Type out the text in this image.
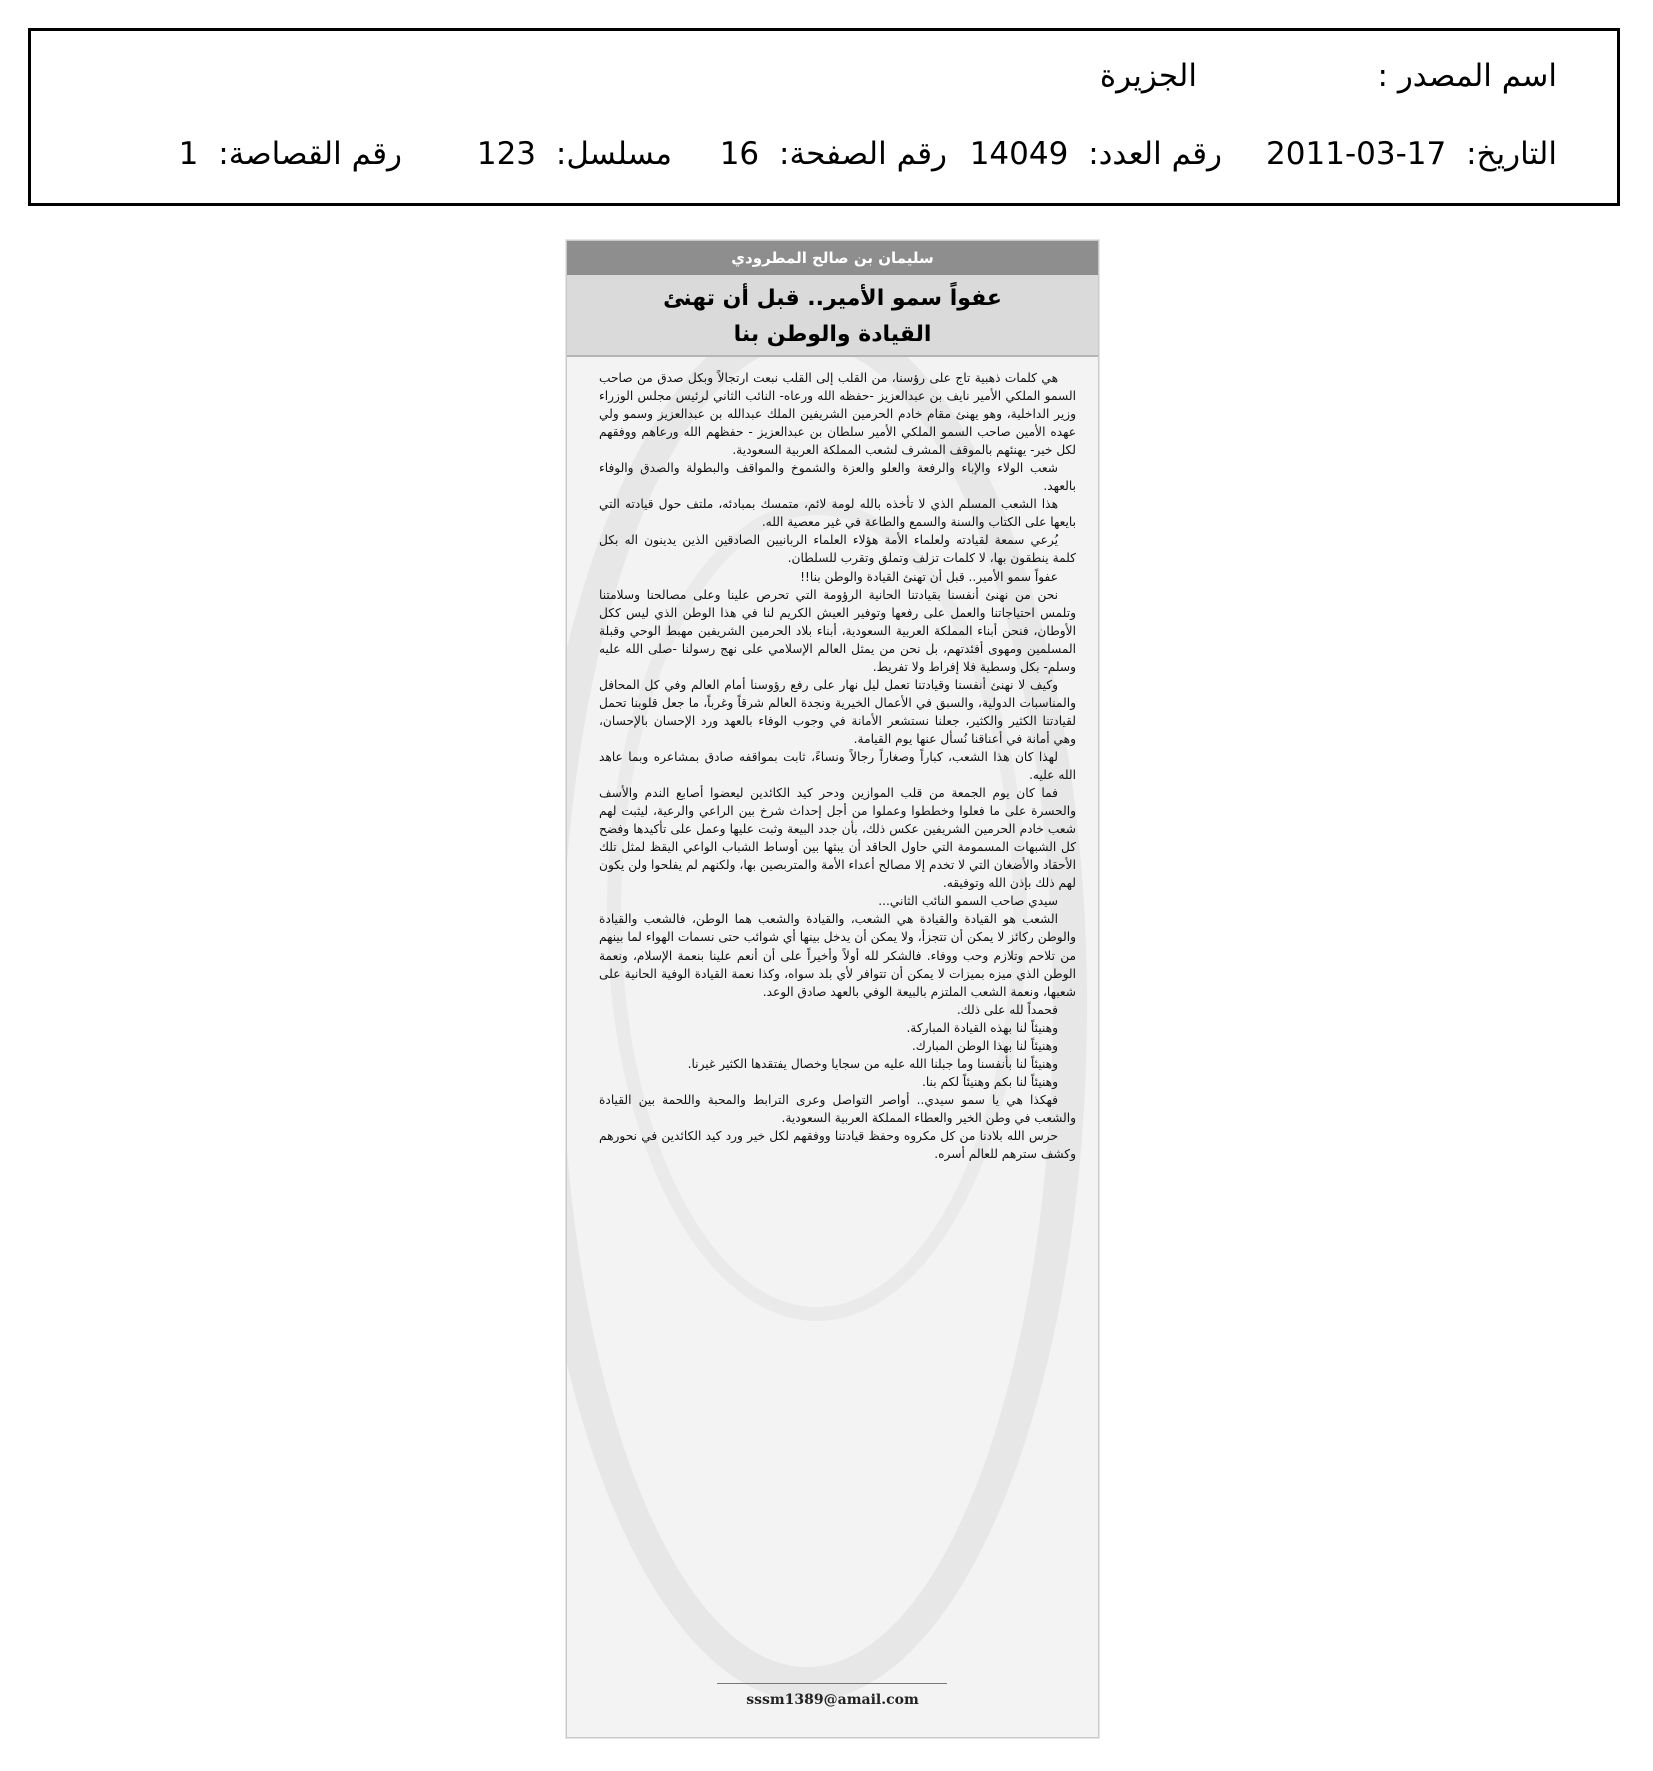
اسم المصدر :
الجزيرة
التاريخ: 2011-03-17
رقم العدد: 14049
رقم الصفحة: 16
مسلسل: 123
رقم القصاصة: 1
سليمان بن صالح المطرودي
عفواً سمو الأمير.. قبل أن تهنئ
القيادة والوطن بنا

هي كلمات ذهبية تاج على رؤسنا، من القلب إلى القلب نبعت ارتجالاً وبكل صدق من صاحب السمو الملكي الأمير نايف بن عبدالعزيز -حفظه الله ورعاه- النائب الثاني لرئيس مجلس الوزراء وزير الداخلية، وهو يهنئ مقام خادم الحرمين الشريفين الملك عبدالله بن عبدالعزيز وسمو ولي عهده الأمين صاحب السمو الملكي الأمير سلطان بن عبدالعزيز - حفظهم الله ورعاهم ووفقهم لكل خير- يهنئهم بالموقف المشرف لشعب المملكة العربية السعودية.

شعب الولاء والإباء والرفعة والعلو والعزة والشموخ والمواقف والبطولة والصدق والوفاء بالعهد.

هذا الشعب المسلم الذي لا تأخذه بالله لومة لائم، متمسك بمبادئه، ملتف حول قيادته التي بايعها على الكتاب والسنة والسمع والطاعة في غير معصية الله.

يُرعي سمعة لقيادته ولعلماء الأمة هؤلاء العلماء الربانيين الصادقين الذين يدينون اله بكل كلمة ينطقون بها، لا كلمات تزلف وتملق وتقرب للسلطان.

عفواً سمو الأمير.. قبل أن تهنئ القيادة والوطن بنا!!

نحن من نهنئ أنفسنا بقيادتنا الحانية الرؤومة التي تحرص علينا وعلى مصالحنا وسلامتنا وتلمس احتياجاتنا والعمل على رفعها وتوفير العيش الكريم لنا في هذا الوطن الذي ليس ككل الأوطان، فنحن أبناء المملكة العربية السعودية، أبناء بلاد الحرمين الشريفين مهبط الوحي وقبلة المسلمين ومهوى أفئدتهم، بل نحن من يمثل العالم الإسلامي على نهج رسولنا -صلى الله عليه وسلم- بكل وسطية فلا إفراط ولا تفريط.

وكيف لا نهنئ أنفسنا وقيادتنا تعمل ليل نهار على رفع رؤوسنا أمام العالم وفي كل المحافل والمناسبات الدولية، والسبق في الأعمال الخيرية ونجدة العالم شرقاً وغرباً، ما جعل قلوبنا تحمل لقيادتنا الكثير والكثير، جعلنا نستشعر الأمانة في وجوب الوفاء بالعهد ورد الإحسان بالإحسان، وهي أمانة في أعناقنا نُسأل عنها يوم القيامة.

لهذا كان هذا الشعب، كباراً وصغاراً رجالاً ونساءً، ثابت بمواقفه صادق بمشاعره وبما عاهد الله عليه.

فما كان يوم الجمعة من قلب الموازين ودحر كيد الكائدين ليعضوا أصابع الندم والأسف والحسرة على ما فعلوا وخططوا وعملوا من أجل إحداث شرخ بين الراعي والرعية، ليثبت لهم شعب خادم الحرمين الشريفين عكس ذلك، بأن جدد البيعة وثبت عليها وعمل على تأكيدها وفضح كل الشبهات المسمومة التي حاول الحاقد أن يبثها بين أوساط الشباب الواعي اليقظ لمثل تلك الأحقاد والأضغان التي لا تخدم إلا مصالح أعداء الأمة والمتربصين بها، ولكنهم لم يفلحوا ولن يكون لهم ذلك بإذن الله وتوفيقه.

سيدي صاحب السمو النائب الثاني...

الشعب هو القيادة والقيادة هي الشعب، والقيادة والشعب هما الوطن، فالشعب والقيادة والوطن ركائز لا يمكن أن تتجزأ، ولا يمكن أن يدخل بينها أي شوائب حتى نسمات الهواء لما بينهم من تلاحم وتلازم وحب ووفاء. فالشكر لله أولاً وأخيراً على أن أنعم علينا بنعمة الإسلام، ونعمة الوطن الذي ميزه بميزات لا يمكن أن تتوافر لأي بلد سواه، وكذا نعمة القيادة الوفية الحانية على شعبها، ونعمة الشعب الملتزم بالبيعة الوفي بالعهد صادق الوعد.

فحمداً لله على ذلك.

وهنيئاً لنا بهذه القيادة المباركة.

وهنيئاً لنا بهذا الوطن المبارك.

وهنيئاً لنا بأنفسنا وما جبلنا الله عليه من سجايا وخصال يفتقدها الكثير غيرنا.

وهنيئاً لنا بكم وهنيئاً لكم بنا.

فهكذا هي يا سمو سيدي.. أواصر التواصل وعرى الترابط والمحبة واللحمة بين القيادة والشعب في وطن الخير والعطاء المملكة العربية السعودية.

حرس الله بلادنا من كل مكروه وحفظ قيادتنا ووفقهم لكل خير ورد كيد الكائدين في نحورهم وكشف سترهم للعالم أسره.

sssm1389@amail.com
